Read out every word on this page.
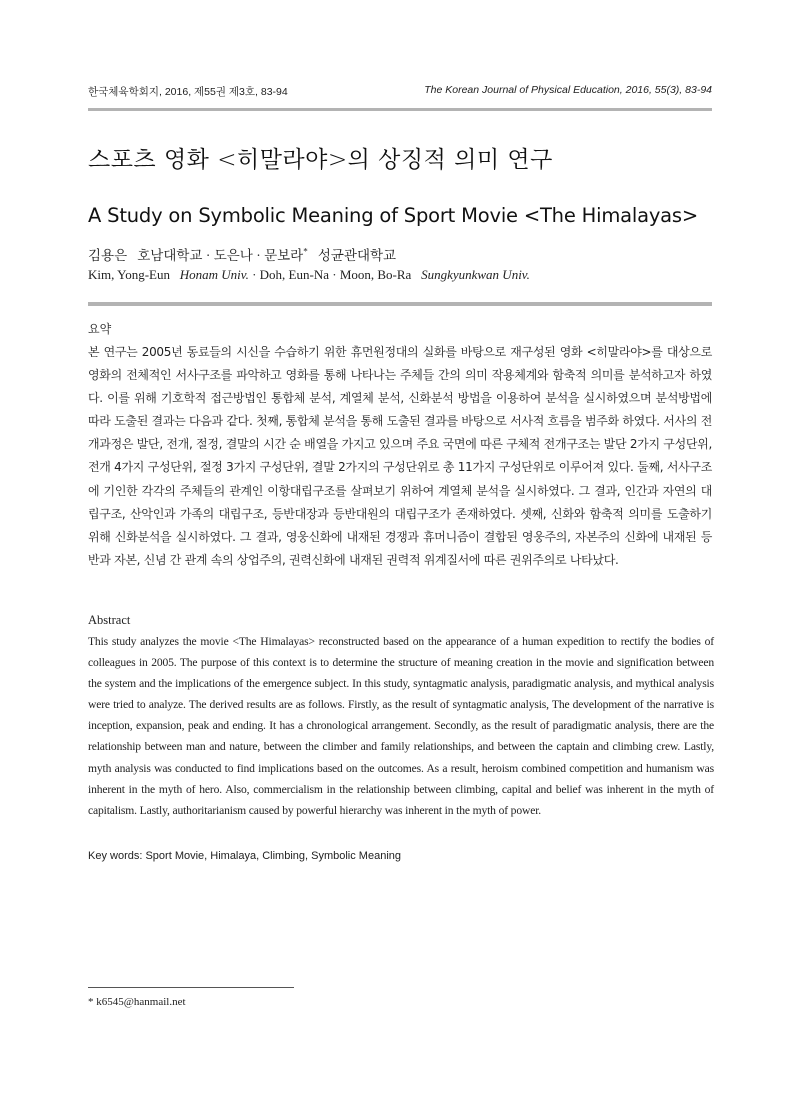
한국체육학회지, 2016, 제55권 제3호, 83-94	The Korean Journal of Physical Education, 2016, 55(3), 83-94
스포츠 영화 <히말라야>의 상징적 의미 연구
A Study on Symbolic Meaning of Sport Movie <The Himalayas>
김용은 호남대학교 · 도은나 · 문보라* 성균관대학교
Kim, Yong-Eun Honam Univ. · Doh, Eun-Na · Moon, Bo-Ra Sungkyunkwan Univ.
요약
본 연구는 2005년 동료들의 시신을 수습하기 위한 휴먼원정대의 실화를 바탕으로 재구성된 영화 <히말라야>를 대상으로 영화의 전체적인 서사구조를 파악하고 영화를 통해 나타나는 주체들 간의 의미 작용체계와 함축적 의미를 분석하고자 하였다. 이를 위해 기호학적 접근방법인 통합체 분석, 계열체 분석, 신화분석 방법을 이용하여 분석을 실시하였으며 분석방법에 따라 도출된 결과는 다음과 같다. 첫째, 통합체 분석을 통해 도출된 결과를 바탕으로 서사적 흐름을 범주화 하였다. 서사의 전개과정은 발단, 전개, 절정, 결말의 시간 순 배열을 가지고 있으며 주요 국면에 따른 구체적 전개구조는 발단 2가지 구성단위, 전개 4가지 구성단위, 절정 3가지 구성단위, 결말 2가지의 구성단위로 총 11가지 구성단위로 이루어져 있다. 둘째, 서사구조에 기인한 각각의 주체들의 관계인 이항대립구조를 살펴보기 위하여 계열체 분석을 실시하였다. 그 결과, 인간과 자연의 대립구조, 산악인과 가족의 대립구조, 등반대장과 등반대원의 대립구조가 존재하였다. 셋째, 신화와 함축적 의미를 도출하기 위해 신화분석을 실시하였다. 그 결과, 영웅신화에 내재된 경쟁과 휴머니즘이 결합된 영웅주의, 자본주의 신화에 내재된 등반과 자본, 신념 간 관계 속의 상업주의, 권력신화에 내재된 권력적 위계질서에 따른 권위주의로 나타났다.
Abstract
This study analyzes the movie <The Himalayas> reconstructed based on the appearance of a human expedition to rectify the bodies of colleagues in 2005. The purpose of this context is to determine the structure of meaning creation in the movie and signification between the system and the implications of the emergence subject. In this study, syntagmatic analysis, paradigmatic analysis, and mythical analysis were tried to analyze. The derived results are as follows. Firstly, as the result of syntagmatic analysis, The development of the narrative is inception, expansion, peak and ending. It has a chronological arrangement. Secondly, as the result of paradigmatic analysis, there are the relationship between man and nature, between the climber and family relationships, and between the captain and climbing crew. Lastly, myth analysis was conducted to find implications based on the outcomes. As a result, heroism combined competition and humanism was inherent in the myth of hero. Also, commercialism in the relationship between climbing, capital and belief was inherent in the myth of capitalism. Lastly, authoritarianism caused by powerful hierarchy was inherent in the myth of power.
Key words: Sport Movie, Himalaya, Climbing, Symbolic Meaning
* k6545@hanmail.net
